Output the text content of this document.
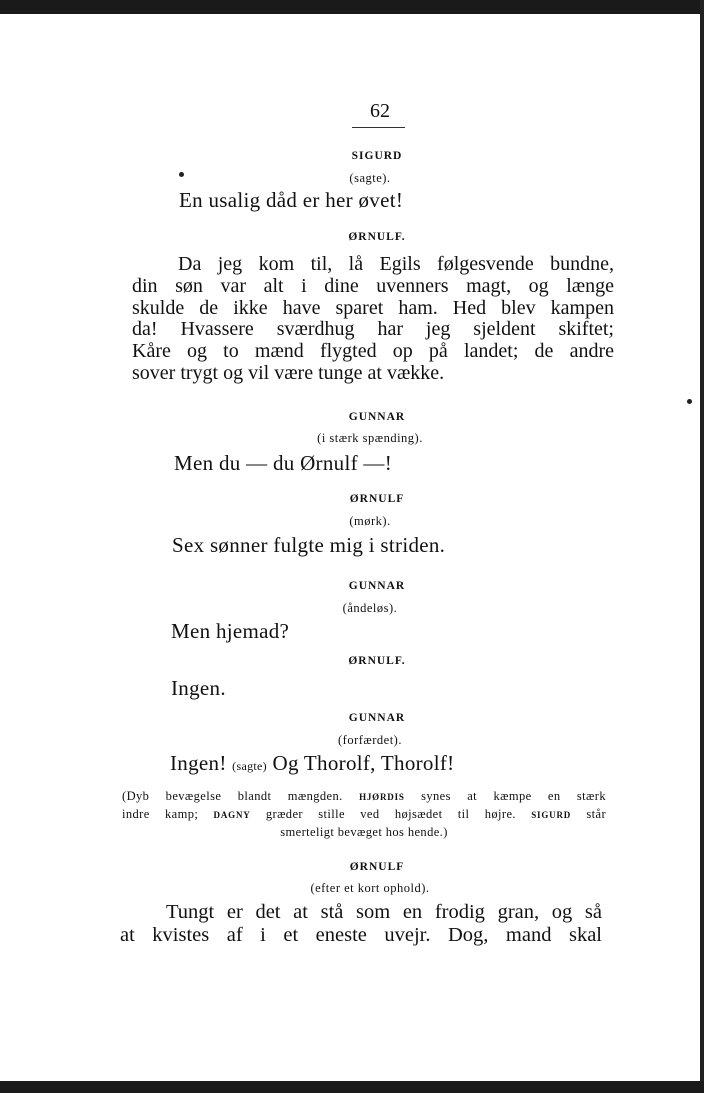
62
SIGURD
(sagte).
En usalig dåd er her øvet!
ØRNULF.
Da jeg kom til, lå Egils følgesvende bundne,
din søn var alt i dine uvenners magt, og længe
skulde de ikke have sparet ham. Hed blev kampen
da! Hvassere sværdhug har jeg sjeldent skiftet;
Kåre og to mænd flygted op på landet; de andre
sover trygt og vil være tunge at vække.
GUNNAR
(i stærk spænding).
Men du — du Ørnulf —!
ØRNULF
(mørk).
Sex sønner fulgte mig i striden.
GUNNAR
(åndeløs).
Men hjemad?
ØRNULF.
Ingen.
GUNNAR
(forfærdet).
Ingen! (sagte) Og Thorolf, Thorolf!
(Dyb bevægelse blandt mængden. HJØRDIS synes at kæmpe en stærk
indre kamp; DAGNY græder stille ved højsædet til højre. SIGURD står
smerteligt bevæget hos hende.)
ØRNULF
(efter et kort ophold).
Tungt er det at stå som en frodig gran, og så
at kvistes af i et eneste uvejr. Dog, mand skal
